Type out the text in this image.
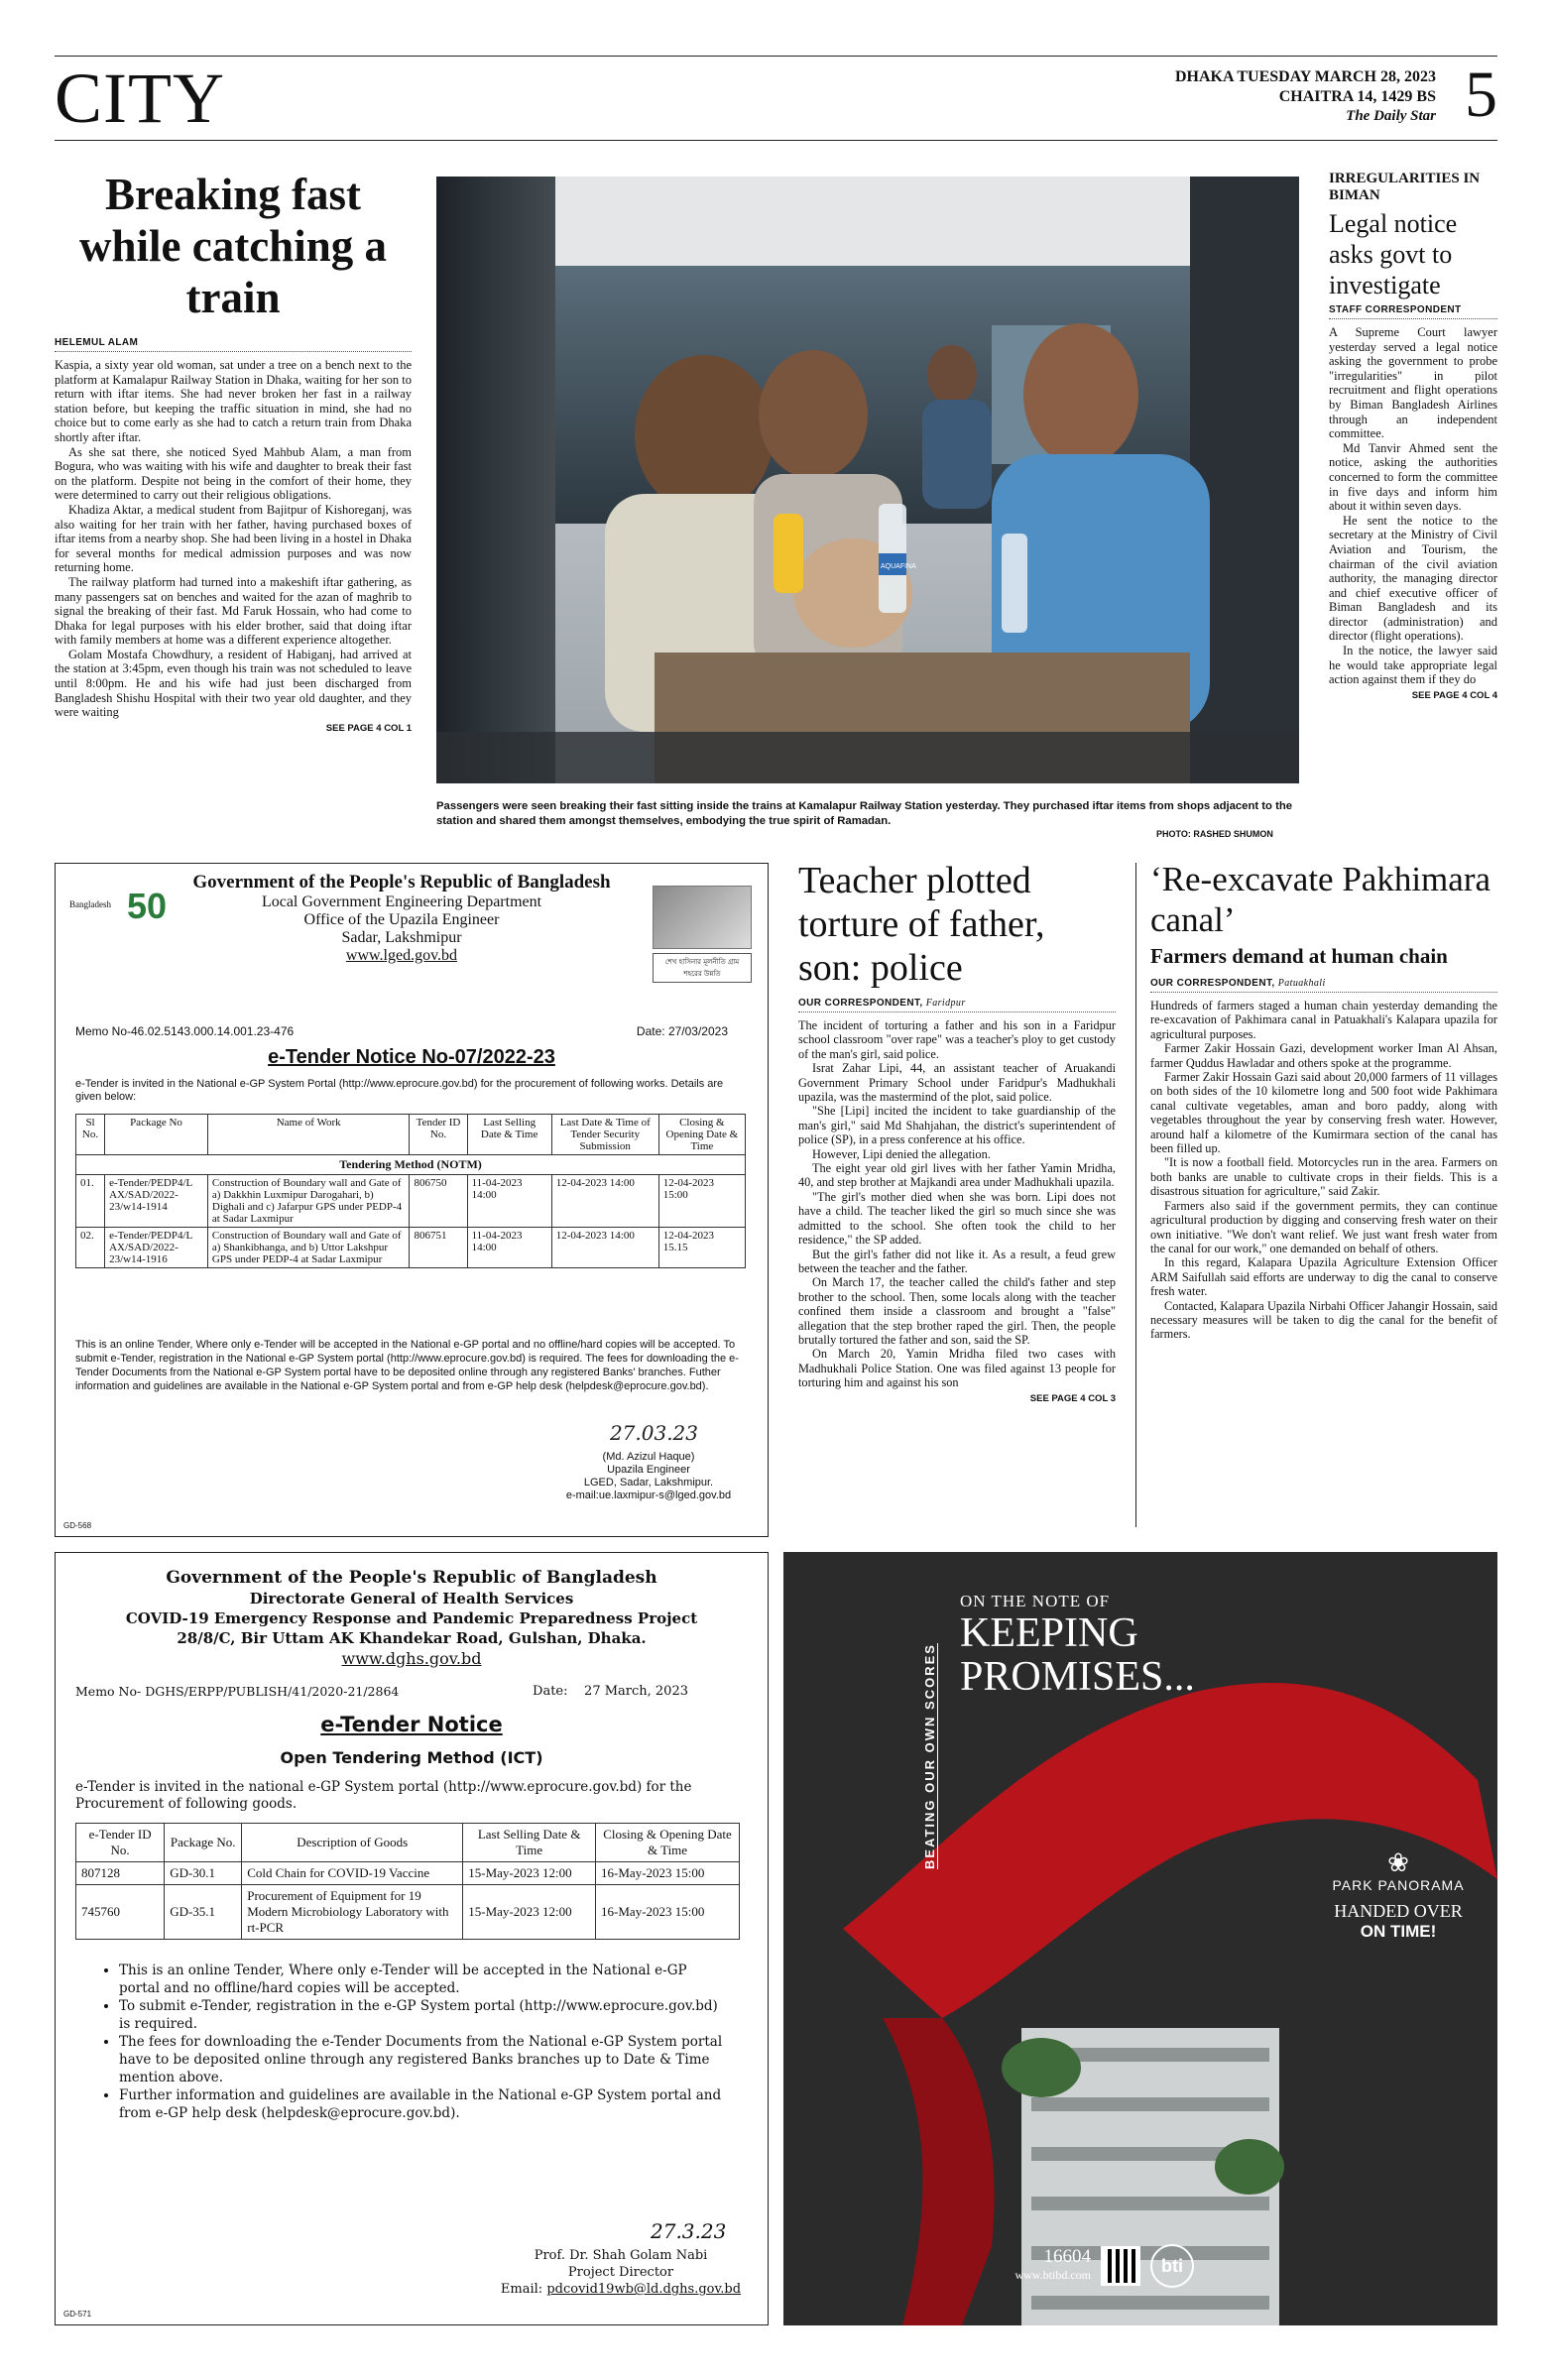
CITY	DHAKA TUESDAY MARCH 28, 2023
CHAITRA 14, 1429 BS
The Daily Star 5
Breaking fast while catching a train
HELEMUL ALAM

Kaspia, a sixty year old woman, sat under a tree on a bench next to the platform at Kamalapur Railway Station in Dhaka, waiting for her son to return with iftar items. She had never broken her fast in a railway station before, but keeping the traffic situation in mind, she had no choice but to come early as she had to catch a return train from Dhaka shortly after iftar.

As she sat there, she noticed Syed Mahbub Alam, a man from Bogura, who was waiting with his wife and daughter to break their fast on the platform. Despite not being in the comfort of their home, they were determined to carry out their religious obligations.

Khadiza Aktar, a medical student from Bajitpur of Kishoreganj, was also waiting for her train with her father, having purchased boxes of iftar items from a nearby shop. She had been living in a hostel in Dhaka for several months for medical admission purposes and was now returning home.

The railway platform had turned into a makeshift iftar gathering, as many passengers sat on benches and waited for the azan of maghrib to signal the breaking of their fast. Md Faruk Hossain, who had come to Dhaka for legal purposes with his elder brother, said that doing iftar with family members at home was a different experience altogether.

Golam Mostafa Chowdhury, a resident of Habiganj, had arrived at the station at 3:45pm, even though his train was not scheduled to leave until 8:00pm. He and his wife had just been discharged from Bangladesh Shishu Hospital with their two year old daughter, and they were waiting

SEE PAGE 4 COL 1
AQUAFINA
Passengers were seen breaking their fast sitting inside the trains at Kamalapur Railway Station yesterday. They purchased iftar items from shops adjacent to the station and shared them amongst themselves, embodying the true spirit of Ramadan.
PHOTO: RASHED SHUMON
IRREGULARITIES IN BIMAN
Legal notice asks govt to investigate
STAFF CORRESPONDENT

A Supreme Court lawyer yesterday served a legal notice asking the government to probe "irregularities" in pilot recruitment and flight operations by Biman Bangladesh Airlines through an independent committee.

Md Tanvir Ahmed sent the notice, asking the authorities concerned to form the committee in five days and inform him about it within seven days.

He sent the notice to the secretary at the Ministry of Civil Aviation and Tourism, the chairman of the civil aviation authority, the managing director and chief executive officer of Biman Bangladesh and its director (administration) and director (flight operations).

In the notice, the lawyer said he would take appropriate legal action against them if they do

SEE PAGE 4 COL 4
Bangladesh 50
Government of the People's Republic of Bangladesh
Local Government Engineering Department
Office of the Upazila Engineer
Sadar, Lakshmipur
www.lged.gov.bd	শেখ হাসিনার মূলনীতি গ্রাম শহরের উন্নতি
Memo No-46.02.5143.000.14.001.23-476	Date: 27/03/2023
e-Tender Notice No-07/2022-23
e-Tender is invited in the National e-GP System Portal (http://www.eprocure.gov.bd) for the procurement of following works. Details are given below:
Sl No.	Package No	Name of Work	Tender ID No.	Last Selling Date & Time	Last Date & Time of Tender Security Submission	Closing & Opening Date & Time
Tendering Method (NOTM)						
01.	e-Tender/PEDP4/L AX/SAD/2022-23/w14-1914	Construction of Boundary wall and Gate of a) Dakkhin Luxmipur Darogahari, b) Dighali and c) Jafarpur GPS under PEDP-4 at Sadar Laxmipur	806750	11-04-2023 14:00	12-04-2023 14:00	12-04-2023 15:00
02.	e-Tender/PEDP4/L AX/SAD/2022-23/w14-1916	Construction of Boundary wall and Gate of a) Shankibhanga, and b) Uttor Lakshpur GPS under PEDP-4 at Sadar Laxmipur	806751	11-04-2023 14:00	12-04-2023 14:00	12-04-2023 15.15
This is an online Tender, Where only e-Tender will be accepted in the National e-GP portal and no offline/hard copies will be accepted. To submit e-Tender, registration in the National e-GP System portal (http://www.eprocure.gov.bd) is required. The fees for downloading the e-Tender Documents from the National e-GP System portal have to be deposited online through any registered Banks' branches. Futher information and guidelines are available in the National e-GP System portal and from e-GP help desk (helpdesk@eprocure.gov.bd).
27.03.23
(Md. Azizul Haque)
Upazila Engineer
LGED, Sadar, Lakshmipur.
e-mail:ue.laxmipur-s@lged.gov.bd
GD-568
Teacher plotted torture of father, son: police
OUR CORRESPONDENT, Faridpur

The incident of torturing a father and his son in a Faridpur school classroom "over rape" was a teacher's ploy to get custody of the man's girl, said police.

Israt Zahar Lipi, 44, an assistant teacher of Aruakandi Government Primary School under Faridpur's Madhukhali upazila, was the mastermind of the plot, said police.

"She [Lipi] incited the incident to take guardianship of the man's girl," said Md Shahjahan, the district's superintendent of police (SP), in a press conference at his office.

However, Lipi denied the allegation.

The eight year old girl lives with her father Yamin Mridha, 40, and step brother at Majkandi area under Madhukhali upazila.

"The girl's mother died when she was born. Lipi does not have a child. The teacher liked the girl so much since she was admitted to the school. She often took the child to her residence," the SP added.

But the girl's father did not like it. As a result, a feud grew between the teacher and the father.

On March 17, the teacher called the child's father and step brother to the school. Then, some locals along with the teacher confined them inside a classroom and brought a "false" allegation that the step brother raped the girl. Then, the people brutally tortured the father and son, said the SP.

On March 20, Yamin Mridha filed two cases with Madhukhali Police Station. One was filed against 13 people for torturing him and against his son

SEE PAGE 4 COL 3
‘Re-excavate Pakhimara canal’
Farmers demand at human chain
OUR CORRESPONDENT, Patuakhali

Hundreds of farmers staged a human chain yesterday demanding the re-excavation of Pakhimara canal in Patuakhali's Kalapara upazila for agricultural purposes.

Farmer Zakir Hossain Gazi, development worker Iman Al Ahsan, farmer Quddus Hawladar and others spoke at the programme.

Farmer Zakir Hossain Gazi said about 20,000 farmers of 11 villages on both sides of the 10 kilometre long and 500 foot wide Pakhimara canal cultivate vegetables, aman and boro paddy, along with vegetables throughout the year by conserving fresh water. However, around half a kilometre of the Kumirmara section of the canal has been filled up.

"It is now a football field. Motorcycles run in the area. Farmers on both banks are unable to cultivate crops in their fields. This is a disastrous situation for agriculture," said Zakir.

Farmers also said if the government permits, they can continue agricultural production by digging and conserving fresh water on their own initiative. "We don't want relief. We just want fresh water from the canal for our work," one demanded on behalf of others.

In this regard, Kalapara Upazila Agriculture Extension Officer ARM Saifullah said efforts are underway to dig the canal to conserve fresh water.

Contacted, Kalapara Upazila Nirbahi Officer Jahangir Hossain, said necessary measures will be taken to dig the canal for the benefit of farmers.

Government of the People's Republic of Bangladesh
Directorate General of Health Services
COVID-19 Emergency Response and Pandemic Preparedness Project
28/8/C, Bir Uttam AK Khandekar Road, Gulshan, Dhaka.
www.dghs.gov.bd
Memo No- DGHS/ERPP/PUBLISH/41/2020-21/2864	Date: 27 March, 2023
e-Tender Notice
Open Tendering Method (ICT)
e-Tender is invited in the national e-GP System portal (http://www.eprocure.gov.bd) for the Procurement of following goods.
e-Tender ID No.	Package No.	Description of Goods	Last Selling Date & Time	Closing & Opening Date & Time
807128	GD-30.1	Cold Chain for COVID-19 Vaccine	15-May-2023 12:00	16-May-2023 15:00
745760	GD-35.1	Procurement of Equipment for 19 Modern Microbiology Laboratory with rt-PCR	15-May-2023 12:00	16-May-2023 15:00
• This is an online Tender, Where only e-Tender will be accepted in the National e-GP portal and no offline/hard copies will be accepted.
• To submit e-Tender, registration in the e-GP System portal (http://www.eprocure.gov.bd) is required.
• The fees for downloading the e-Tender Documents from the National e-GP System portal have to be deposited online through any registered Banks branches up to Date & Time mention above.
• Further information and guidelines are available in the National e-GP System portal and from e-GP help desk (helpdesk@eprocure.gov.bd).
27.3.23
Prof. Dr. Shah Golam Nabi
Project Director
Email: pdcovid19wb@ld.dghs.gov.bd
GD-571
BEATING OUR OWN SCORES
ON THE NOTE OF
KEEPING
PROMISES...
❀
PARK PANORAMA
HANDED OVER
ON TIME!
16604
www.btibd.com	bti
